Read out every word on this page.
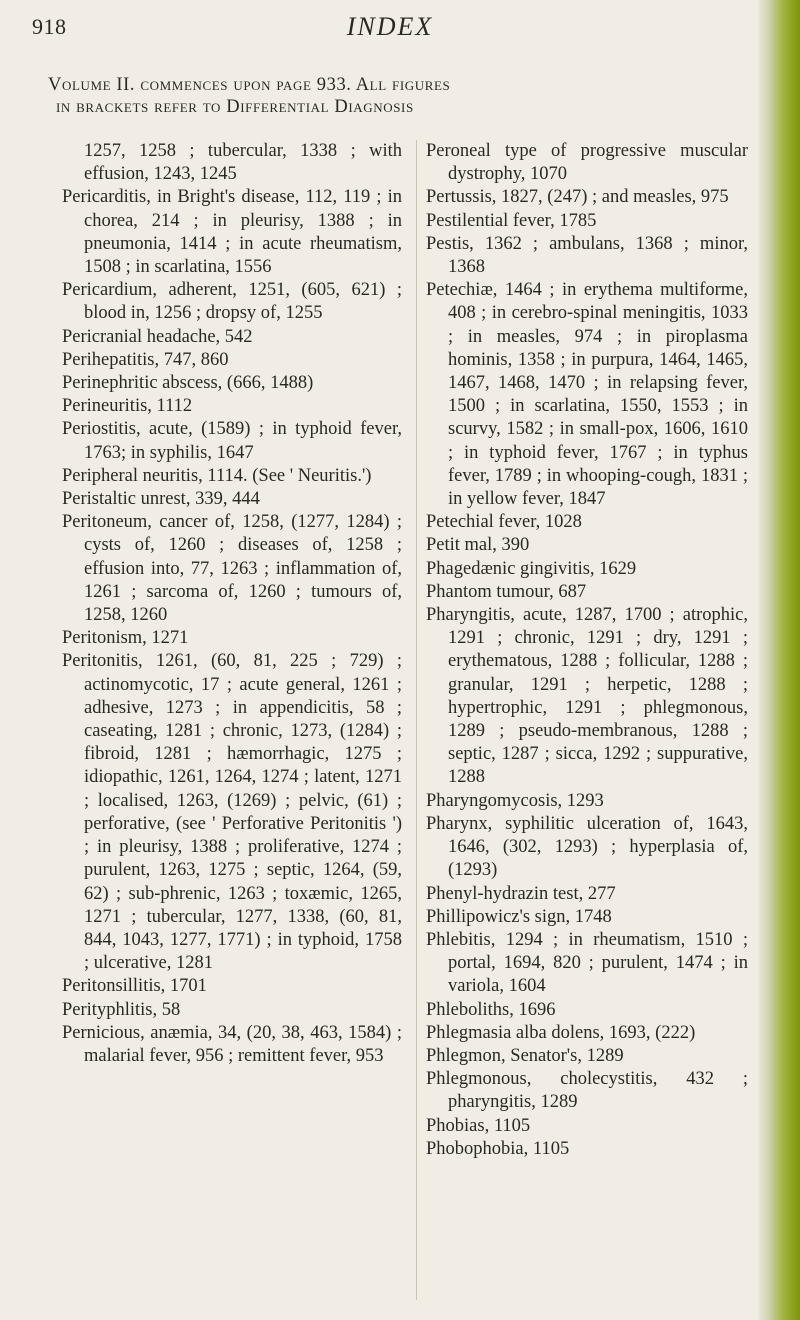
918	INDEX

Volume II. commences upon page 933. All figures

in brackets refer to Differential Diagnosis

1257, 1258 ; tubercular, 1338 ; with effusion, 1243, 1245

Pericarditis, in Bright's disease, 112, 119 ; in chorea, 214 ; in pleurisy, 1388 ; in pneumonia, 1414 ; in acute rheumatism, 1508 ; in scarlatina, 1556

Pericardium, adherent, 1251, (605, 621) ; blood in, 1256 ; dropsy of, 1255

Pericranial headache, 542

Perihepatitis, 747, 860

Perinephritic abscess, (666, 1488)

Perineuritis, 1112

Periostitis, acute, (1589) ; in typhoid fever, 1763; in syphilis, 1647

Peripheral neuritis, 1114. (See ' Neuritis.')

Peristaltic unrest, 339, 444

Peritoneum, cancer of, 1258, (1277, 1284) ; cysts of, 1260 ; diseases of, 1258 ; effusion into, 77, 1263 ; inflammation of, 1261 ; sarcoma of, 1260 ; tumours of, 1258, 1260

Peritonism, 1271

Peritonitis, 1261, (60, 81, 225 ; 729) ; actinomycotic, 17 ; acute general, 1261 ; adhesive, 1273 ; in appendicitis, 58 ; caseating, 1281 ; chronic, 1273, (1284) ; fibroid, 1281 ; hæmorrhagic, 1275 ; idiopathic, 1261, 1264, 1274 ; latent, 1271 ; localised, 1263, (1269) ; pelvic, (61) ; perforative, (see ' Perforative Peritonitis ') ; in pleurisy, 1388 ; proliferative, 1274 ; purulent, 1263, 1275 ; septic, 1264, (59, 62) ; sub-phrenic, 1263 ; toxæmic, 1265, 1271 ; tubercular, 1277, 1338, (60, 81, 844, 1043, 1277, 1771) ; in typhoid, 1758 ; ulcerative, 1281

Peritonsillitis, 1701

Perityphlitis, 58

Pernicious, anæmia, 34, (20, 38, 463, 1584) ; malarial fever, 956 ; remittent fever, 953

Peroneal type of progressive muscular dystrophy, 1070

Pertussis, 1827, (247) ; and measles, 975

Pestilential fever, 1785

Pestis, 1362 ; ambulans, 1368 ; minor, 1368

Petechiæ, 1464 ; in erythema multiforme, 408 ; in cerebro-spinal meningitis, 1033 ; in measles, 974 ; in piroplasma hominis, 1358 ; in purpura, 1464, 1465, 1467, 1468, 1470 ; in relapsing fever, 1500 ; in scarlatina, 1550, 1553 ; in scurvy, 1582 ; in small-pox, 1606, 1610 ; in typhoid fever, 1767 ; in typhus fever, 1789 ; in whooping-cough, 1831 ; in yellow fever, 1847

Petechial fever, 1028

Petit mal, 390

Phagedænic gingivitis, 1629

Phantom tumour, 687

Pharyngitis, acute, 1287, 1700 ; atrophic, 1291 ; chronic, 1291 ; dry, 1291 ; erythematous, 1288 ; follicular, 1288 ; granular, 1291 ; herpetic, 1288 ; hypertrophic, 1291 ; phlegmonous, 1289 ; pseudo-membranous, 1288 ; septic, 1287 ; sicca, 1292 ; suppurative, 1288

Pharyngomycosis, 1293

Pharynx, syphilitic ulceration of, 1643, 1646, (302, 1293) ; hyperplasia of, (1293)

Phenyl-hydrazin test, 277

Phillipowicz's sign, 1748

Phlebitis, 1294 ; in rheumatism, 1510 ; portal, 1694, 820 ; purulent, 1474 ; in variola, 1604

Phleboliths, 1696

Phlegmasia alba dolens, 1693, (222)

Phlegmon, Senator's, 1289

Phlegmonous, cholecystitis, 432 ; pharyngitis, 1289

Phobias, 1105

Phobophobia, 1105
